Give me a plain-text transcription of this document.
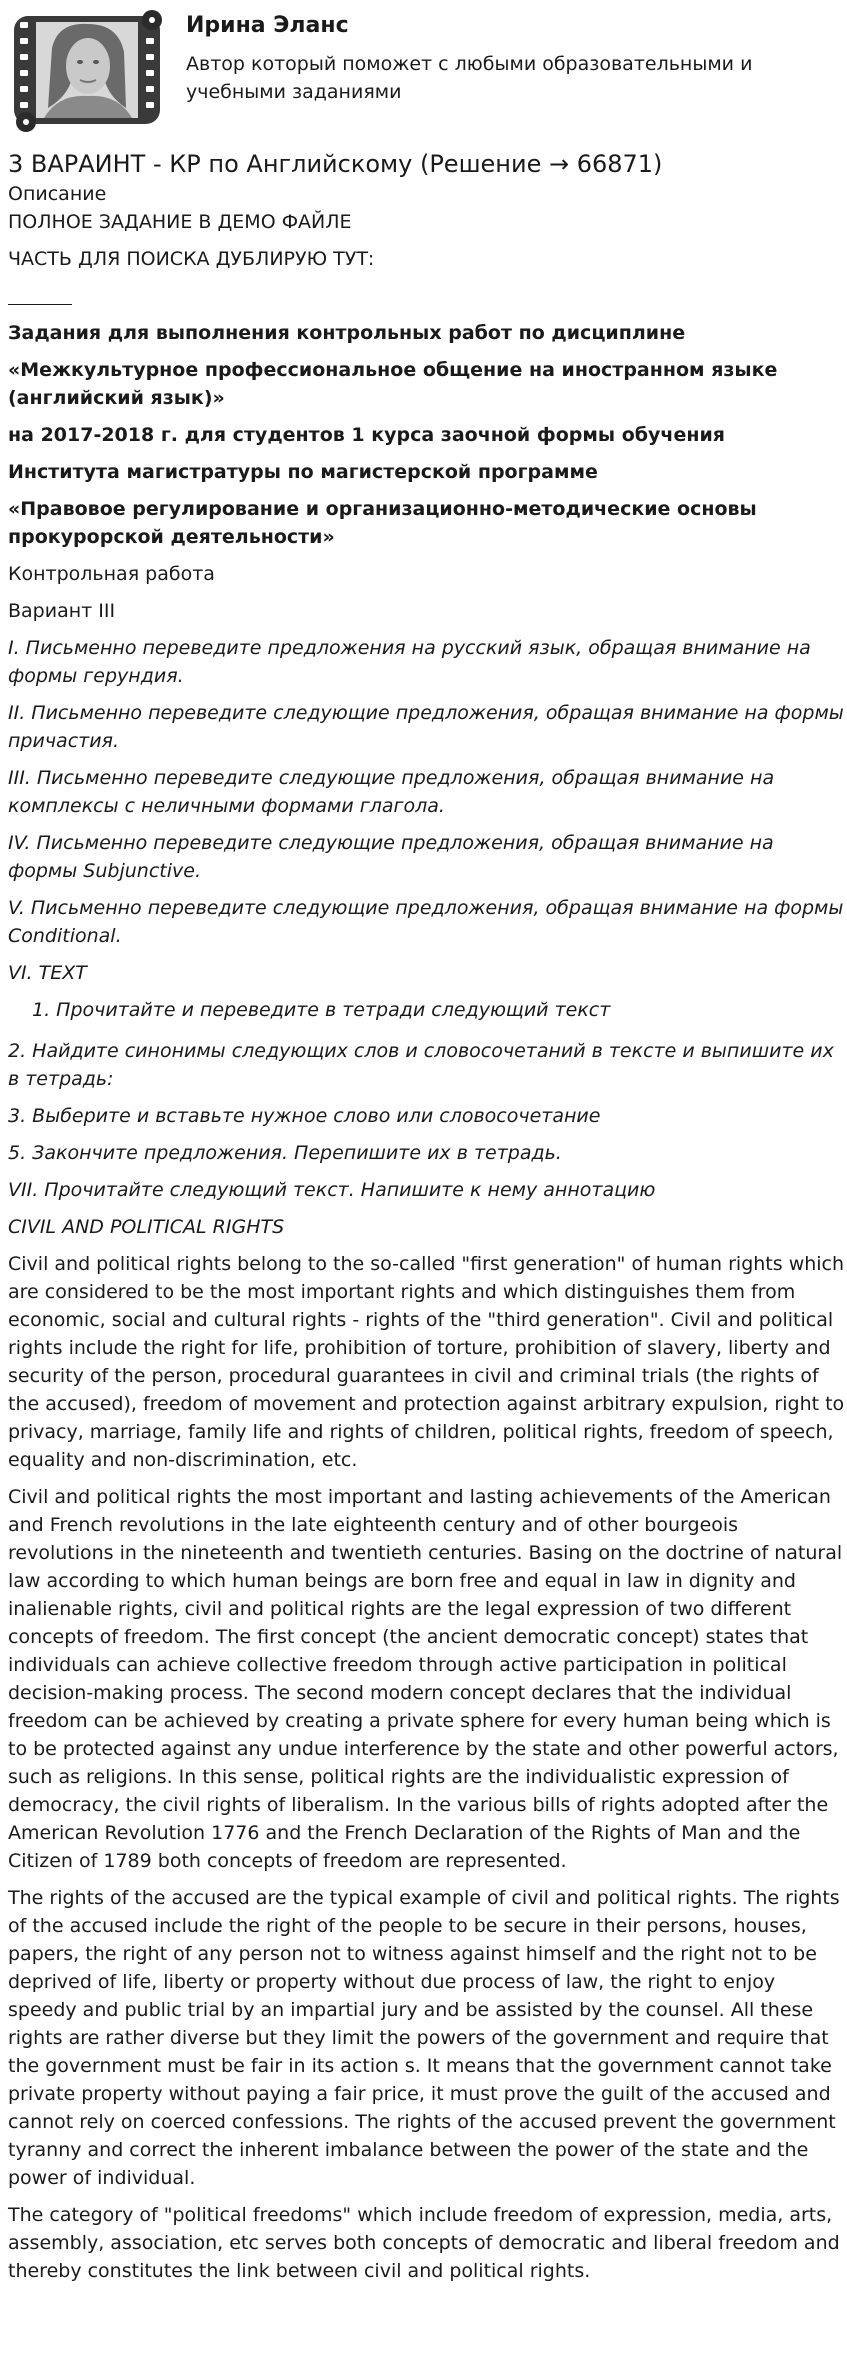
Ирина Эланс
Автор который поможет с любыми образовательными и учебными заданиями
3 ВАРАИНТ - КР по Английскому (Решение → 66871)

Описание

ПОЛНОЕ ЗАДАНИЕ В ДЕМО ФАЙЛЕ

ЧАСТЬ ДЛЯ ПОИСКА ДУБЛИРУЮ ТУТ:

Задания для выполнения контрольных работ по дисциплине

«Межкультурное профессиональное общение на иностранном языке (английский язык)»

на 2017-2018 г. для студентов 1 курса заочной формы обучения

Института магистратуры по магистерской программе

«Правовое регулирование и организационно-методические основы прокурорской деятельности»

Контрольная работа

Вариант III

I. Письменно переведите предложения на русский язык, обращая внимание на формы герундия.

II. Письменно переведите следующие предложения, обращая внимание на формы причастия.

III. Письменно переведите следующие предложения, обращая внимание на комплексы с неличными формами глагола.

IV. Письменно переведите следующие предложения, обращая внимание на формы Subjunctive.

V. Письменно переведите следующие предложения, обращая внимание на формы Conditional.

VI. TEXT

1. Прочитайте и переведите в тетради следующий текст

2. Найдите синонимы следующих слов и словосочетаний в тексте и выпишите их в тетрадь:

3. Выберите и вставьте нужное слово или словосочетание

5. Закончите предложения. Перепишите их в тетрадь.

VII. Прочитайте следующий текст. Напишите к нему аннотацию

CIVIL AND POLITICAL RIGHTS

Civil and political rights belong to the so-called "first generation" of human rights which are considered to be the most important rights and which distinguishes them from economic, social and cultural rights - rights of the "third generation". Civil and political rights include the right for life, prohibition of torture, prohibition of slavery, liberty and security of the person, procedural guarantees in civil and criminal trials (the rights of the accused), freedom of movement and protection against arbitrary expulsion, right to privacy, marriage, family life and rights of children, political rights, freedom of speech, equality and non-discrimination, etc.

Civil and political rights the most important and lasting achievements of the American and French revolutions in the late eighteenth century and of other bourgeois revolutions in the nineteenth and twentieth centuries. Basing on the doctrine of natural law according to which human beings are born free and equal in law in dignity and inalienable rights, civil and political rights are the legal expression of two different concepts of freedom. The first concept (the ancient democratic concept) states that individuals can achieve collective freedom through active participation in political decision-making process. The second modern concept declares that the individual freedom can be achieved by creating a private sphere for every human being which is to be protected against any undue interference by the state and other powerful actors, such as religions. In this sense, political rights are the individualistic expression of democracy, the civil rights of liberalism. In the various bills of rights adopted after the American Revolution 1776 and the French Declaration of the Rights of Man and the Citizen of 1789 both concepts of freedom are represented.

The rights of the accused are the typical example of civil and political rights. The rights of the accused include the right of the people to be secure in their persons, houses, papers, the right of any person not to witness against himself and the right not to be deprived of life, liberty or property without due process of law, the right to enjoy speedy and public trial by an impartial jury and be assisted by the counsel. All these rights are rather diverse but they limit the powers of the government and require that the government must be fair in its action s. It means that the government cannot take private property without paying a fair price, it must prove the guilt of the accused and cannot rely on coerced confessions. The rights of the accused prevent the government tyranny and correct the inherent imbalance between the power of the state and the power of individual.

The category of "political freedoms" which include freedom of expression, media, arts, assembly, association, etc serves both concepts of democratic and liberal freedom and thereby constitutes the link between civil and political rights.
